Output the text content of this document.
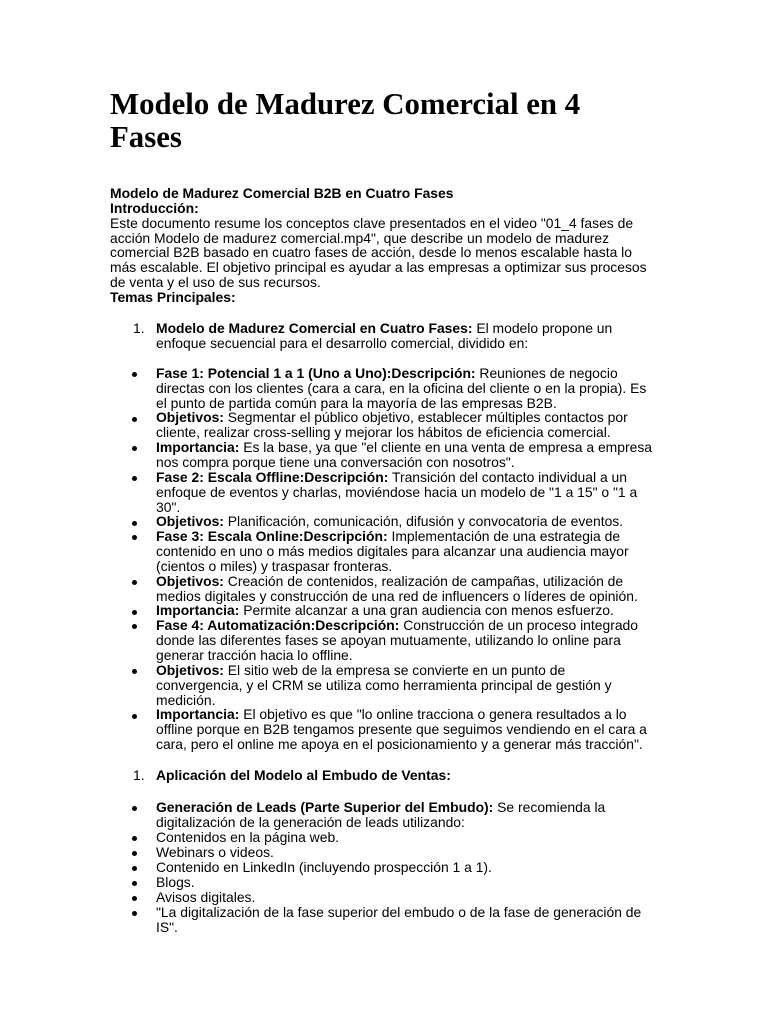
Modelo de Madurez Comercial en 4
Fases
Modelo de Madurez Comercial B2B en Cuatro Fases
Introducción:
Este documento resume los conceptos clave presentados en el video "01_4 fases de
acción Modelo de madurez comercial.mp4", que describe un modelo de madurez
comercial B2B basado en cuatro fases de acción, desde lo menos escalable hasta lo
más escalable. El objetivo principal es ayudar a las empresas a optimizar sus procesos
de venta y el uso de sus recursos.
Temas Principales:
1. Modelo de Madurez Comercial en Cuatro Fases: El modelo propone un
enfoque secuencial para el desarrollo comercial, dividido en:
Fase 1: Potencial 1 a 1 (Uno a Uno):Descripción: Reuniones de negocio
directas con los clientes (cara a cara, en la oficina del cliente o en la propia). Es
el punto de partida común para la mayoría de las empresas B2B.
Objetivos: Segmentar el público objetivo, establecer múltiples contactos por
cliente, realizar cross-selling y mejorar los hábitos de eficiencia comercial.
Importancia: Es la base, ya que "el cliente en una venta de empresa a empresa
nos compra porque tiene una conversación con nosotros".
Fase 2: Escala Offline:Descripción: Transición del contacto individual a un
enfoque de eventos y charlas, moviéndose hacia un modelo de "1 a 15" o "1 a
30".
Objetivos: Planificación, comunicación, difusión y convocatoria de eventos.
Fase 3: Escala Online:Descripción: Implementación de una estrategia de
contenido en uno o más medios digitales para alcanzar una audiencia mayor
(cientos o miles) y traspasar fronteras.
Objetivos: Creación de contenidos, realización de campañas, utilización de
medios digitales y construcción de una red de influencers o líderes de opinión.
Importancia: Permite alcanzar a una gran audiencia con menos esfuerzo.
Fase 4: Automatización:Descripción: Construcción de un proceso integrado
donde las diferentes fases se apoyan mutuamente, utilizando lo online para
generar tracción hacia lo offline.
Objetivos: El sitio web de la empresa se convierte en un punto de
convergencia, y el CRM se utiliza como herramienta principal de gestión y
medición.
Importancia: El objetivo es que "lo online tracciona o genera resultados a lo
offline porque en B2B tengamos presente que seguimos vendiendo en el cara a
cara, pero el online me apoya en el posicionamiento y a generar más tracción".
1. Aplicación del Modelo al Embudo de Ventas:
Generación de Leads (Parte Superior del Embudo): Se recomienda la
digitalización de la generación de leads utilizando:
Contenidos en la página web.
Webinars o videos.
Contenido en LinkedIn (incluyendo prospección 1 a 1).
Blogs.
Avisos digitales.
"La digitalización de la fase superior del embudo o de la fase de generación de
IS".
